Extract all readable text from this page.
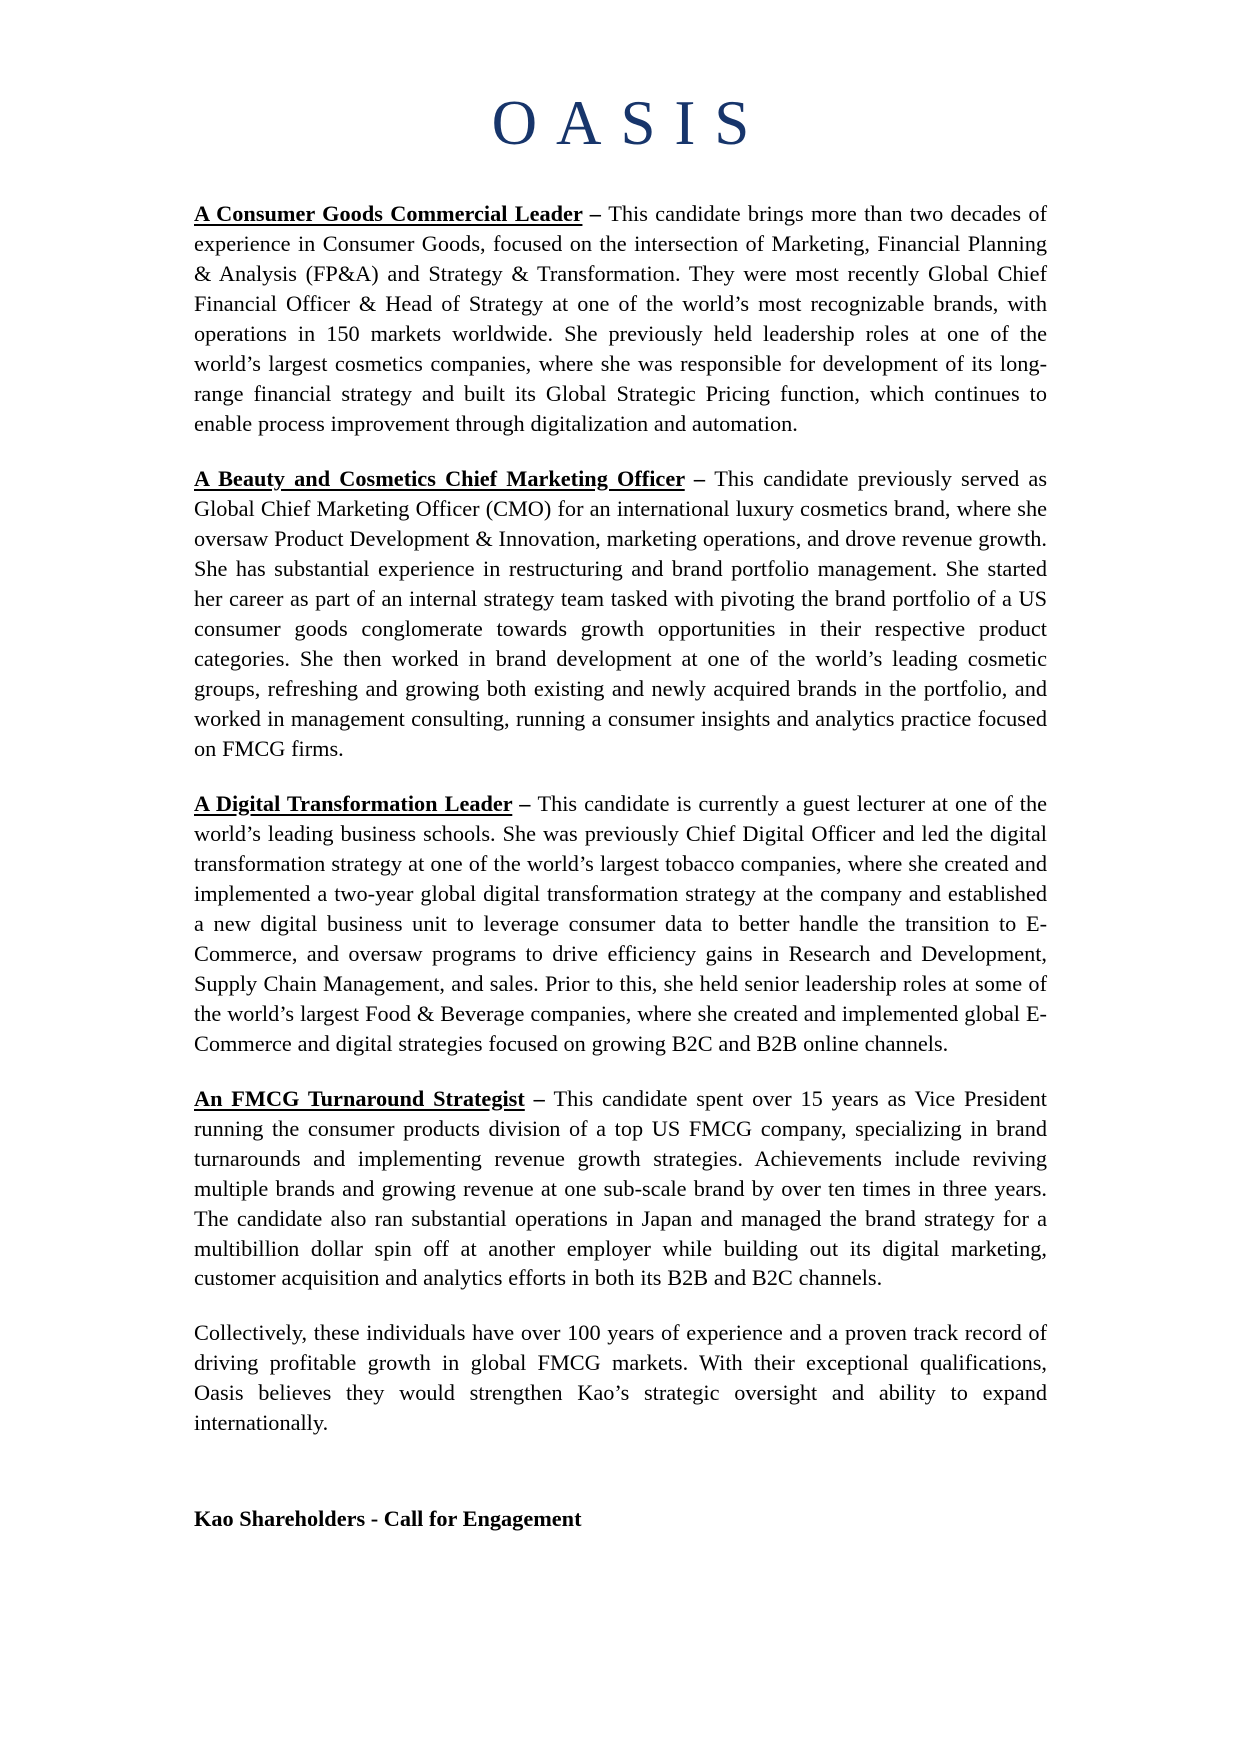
OASIS

A Consumer Goods Commercial Leader – This candidate brings more than two decades of experience in Consumer Goods, focused on the intersection of Marketing, Financial Planning & Analysis (FP&A) and Strategy & Transformation. They were most recently Global Chief Financial Officer & Head of Strategy at one of the world’s most recognizable brands, with operations in 150 markets worldwide. She previously held leadership roles at one of the world’s largest cosmetics companies, where she was responsible for development of its long-range financial strategy and built its Global Strategic Pricing function, which continues to enable process improvement through digitalization and automation.

A Beauty and Cosmetics Chief Marketing Officer – This candidate previously served as Global Chief Marketing Officer (CMO) for an international luxury cosmetics brand, where she oversaw Product Development & Innovation, marketing operations, and drove revenue growth. She has substantial experience in restructuring and brand portfolio management. She started her career as part of an internal strategy team tasked with pivoting the brand portfolio of a US consumer goods conglomerate towards growth opportunities in their respective product categories. She then worked in brand development at one of the world’s leading cosmetic groups, refreshing and growing both existing and newly acquired brands in the portfolio, and worked in management consulting, running a consumer insights and analytics practice focused on FMCG firms.

A Digital Transformation Leader – This candidate is currently a guest lecturer at one of the world’s leading business schools. She was previously Chief Digital Officer and led the digital transformation strategy at one of the world’s largest tobacco companies, where she created and implemented a two-year global digital transformation strategy at the company and established a new digital business unit to leverage consumer data to better handle the transition to E-Commerce, and oversaw programs to drive efficiency gains in Research and Development, Supply Chain Management, and sales. Prior to this, she held senior leadership roles at some of the world’s largest Food & Beverage companies, where she created and implemented global E-Commerce and digital strategies focused on growing B2C and B2B online channels.

An FMCG Turnaround Strategist – This candidate spent over 15 years as Vice President running the consumer products division of a top US FMCG company, specializing in brand turnarounds and implementing revenue growth strategies. Achievements include reviving multiple brands and growing revenue at one sub-scale brand by over ten times in three years. The candidate also ran substantial operations in Japan and managed the brand strategy for a multibillion dollar spin off at another employer while building out its digital marketing, customer acquisition and analytics efforts in both its B2B and B2C channels.

Collectively, these individuals have over 100 years of experience and a proven track record of driving profitable growth in global FMCG markets. With their exceptional qualifications, Oasis believes they would strengthen Kao’s strategic oversight and ability to expand internationally.

Kao Shareholders - Call for Engagement
